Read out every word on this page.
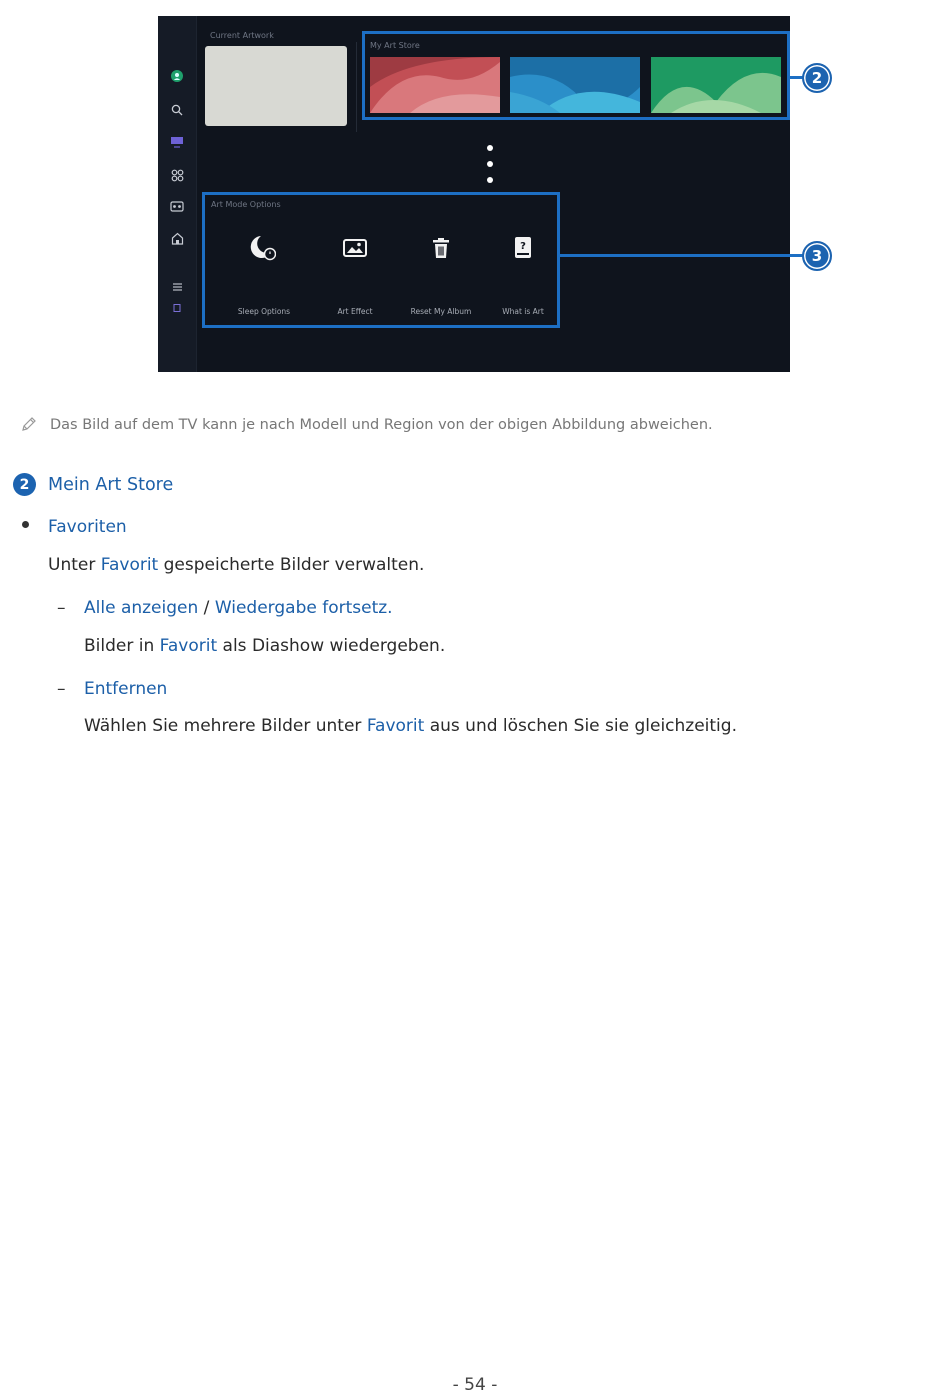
Current Artwork
My Art Store
Art Mode Options
?
Sleep Options	Art Effect	Reset My Album	What is Art
2
3
Das Bild auf dem TV kann je nach Modell und Region von der obigen Abbildung abweichen.
2	Mein Art Store
Favoriten
Unter Favorit gespeicherte Bilder verwalten.
– Alle anzeigen / Wiedergabe fortsetz.
Bilder in Favorit als Diashow wiedergeben.
– Entfernen
Wählen Sie mehrere Bilder unter Favorit aus und löschen Sie sie gleichzeitig.
- 54 -
